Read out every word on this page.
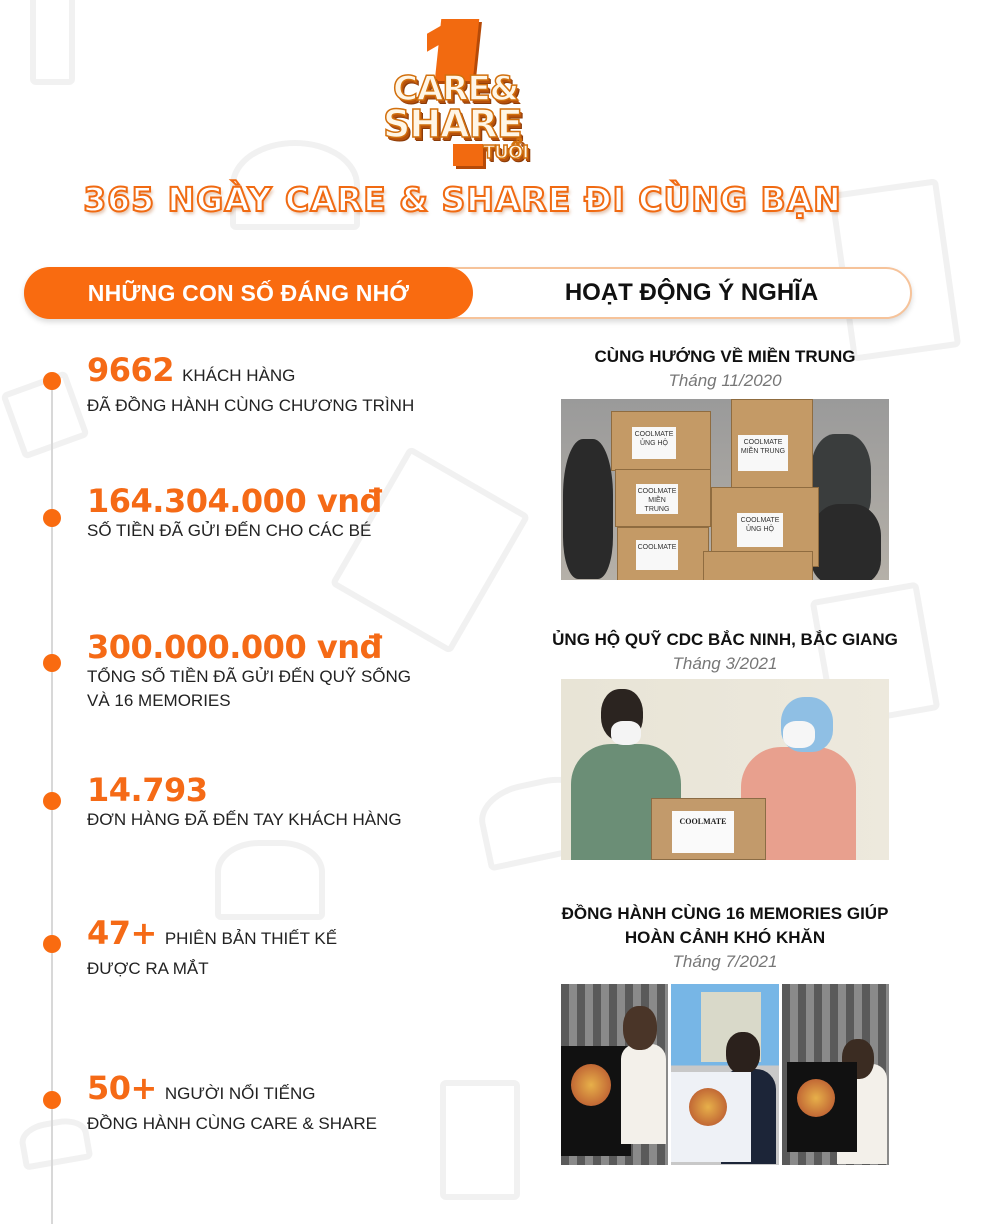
CARE&
SHARE
TUỔI
365 NGÀY CARE & SHARE ĐI CÙNG BẠN
NHỮNG CON SỐ ĐÁNG NHỚ	HOẠT ĐỘNG Ý NGHĨA
9662 KHÁCH HÀNG
ĐÃ ĐỒNG HÀNH CÙNG CHƯƠNG TRÌNH
164.304.000 vnđ
SỐ TIỀN ĐÃ GỬI ĐẾN CHO CÁC BÉ
300.000.000 vnđ
TỔNG SỐ TIỀN ĐÃ GỬI ĐẾN QUỸ SỐNG
VÀ 16 MEMORIES
14.793
ĐƠN HÀNG ĐÃ ĐẾN TAY KHÁCH HÀNG
47+ PHIÊN BẢN THIẾT KẾ
ĐƯỢC RA MẮT
50+ NGƯỜI NỔI TIẾNG
ĐỒNG HÀNH CÙNG CARE & SHARE
CÙNG HƯỚNG VỀ MIỀN TRUNG
Tháng 11/2020
COOLMATE
ỦNG HỘ
COOLMATE
MIỀN TRUNG
COOLMATE
COOLMATE
MIỀN TRUNG
COOLMATE
ỦNG HỘ
ỦNG HỘ QUỸ CDC BẮC NINH, BẮC GIANG
Tháng 3/2021
COOLMATE
ĐỒNG HÀNH CÙNG 16 MEMORIES GIÚP
HOÀN CẢNH KHÓ KHĂN
Tháng 7/2021
